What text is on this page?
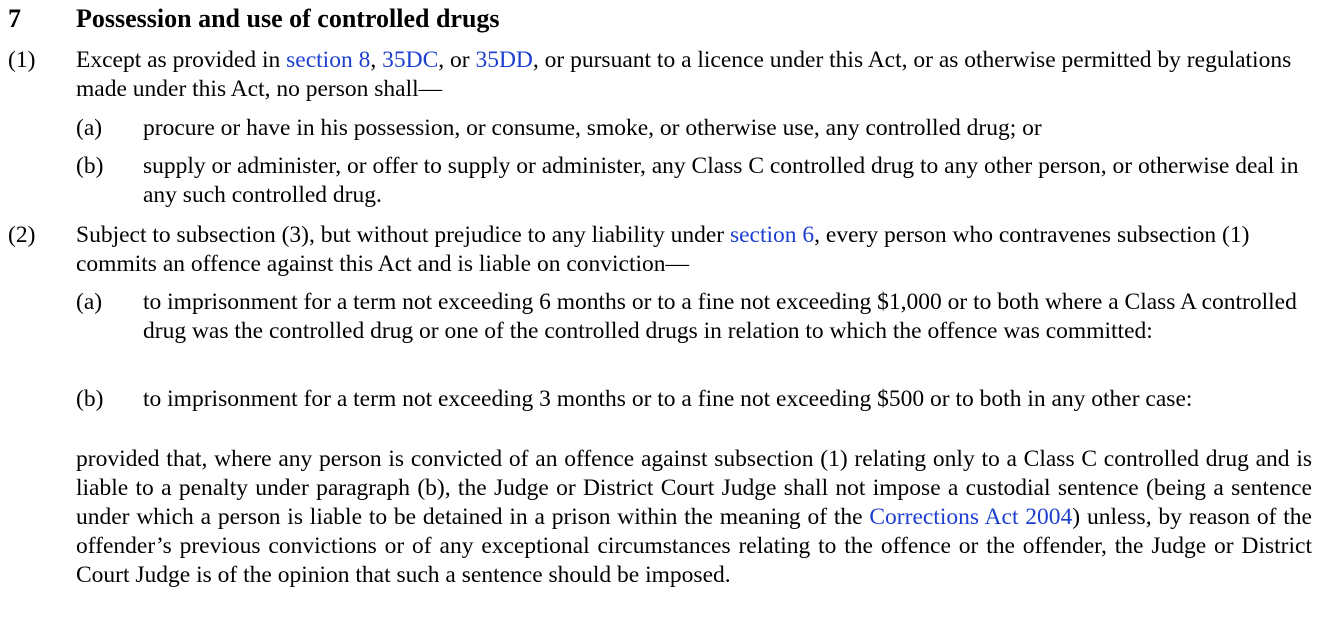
7 Possession and use of controlled drugs
(1) Except as provided in section 8, 35DC, or 35DD, or pursuant to a licence under this Act, or as otherwise permitted by regulations made under this Act, no person shall—

(a) procure or have in his possession, or consume, smoke, or otherwise use, any controlled drug; or

(b) supply or administer, or offer to supply or administer, any Class C controlled drug to any other person, or otherwise deal in any such controlled drug.

(2) Subject to subsection (3), but without prejudice to any liability under section 6, every person who contravenes subsection (1) commits an offence against this Act and is liable on conviction—

(a) to imprisonment for a term not exceeding 6 months or to a fine not exceeding $1,000 or to both where a Class A controlled drug was the controlled drug or one of the controlled drugs in relation to which the offence was committed:

(b) to imprisonment for a term not exceeding 3 months or to a fine not exceeding $500 or to both in any other case:

provided that, where any person is convicted of an offence against subsection (1) relating only to a Class C controlled drug and is liable to a penalty under paragraph (b), the Judge or District Court Judge shall not impose a custodial sentence (being a sentence under which a person is liable to be detained in a prison within the meaning of the Corrections Act 2004) unless, by reason of the offender’s previous convictions or of any exceptional circumstances relating to the offence or the offender, the Judge or District Court Judge is of the opinion that such a sentence should be imposed.
